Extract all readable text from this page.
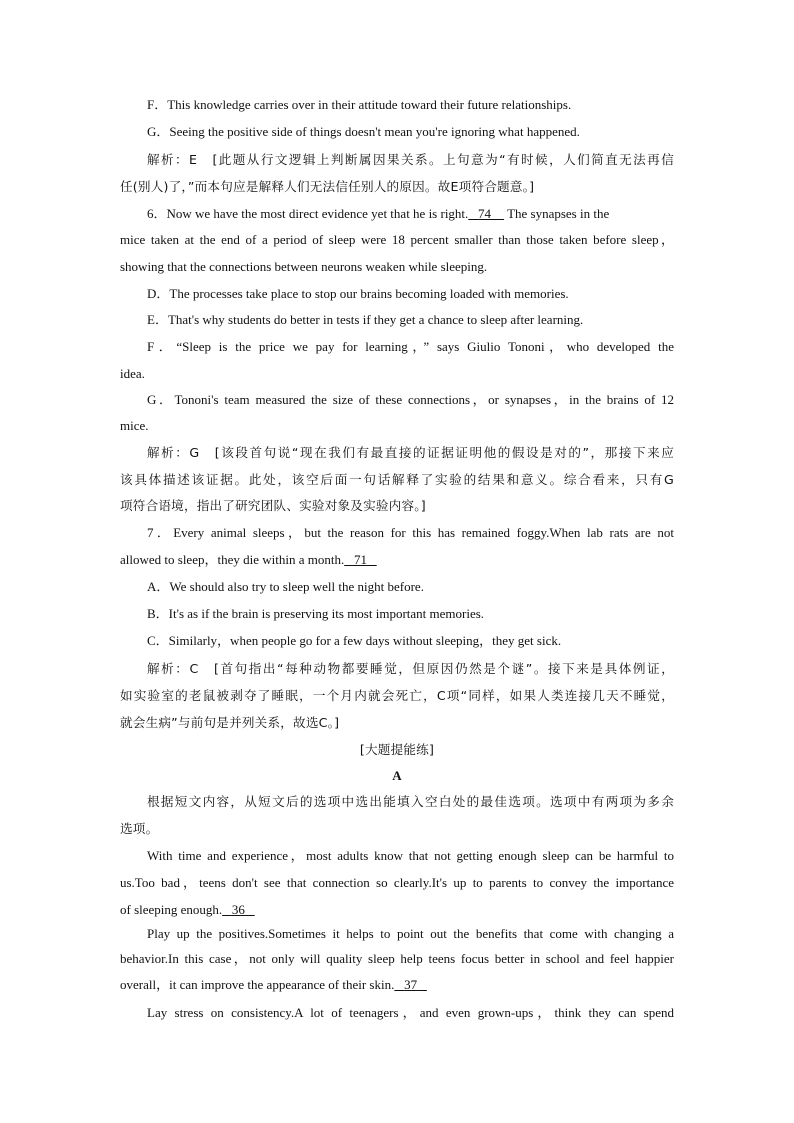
F．This knowledge carries over in their attitude toward their future relationships.
G．Seeing the positive side of things doesn't mean you're ignoring what happened.
解析：E　[此题从行文逻辑上判断属因果关系。上句意为“有时候，人们简直无法再信
任(别人)了，”而本句应是解释人们无法信任别人的原因。故E项符合题意。]
6．Now we have the most direct evidence yet that he is right. 74 The synapses in the
mice taken at the end of a period of sleep were 18 percent smaller than those taken before sleep，
showing that the connections between neurons weaken while sleeping.
D．The processes take place to stop our brains becoming loaded with memories.
E．That's why students do better in tests if they get a chance to sleep after learning.
F．“Sleep is the price we pay for learning，” says Giulio Tononi，who developed the
idea.
G．Tononi's team measured the size of these connections，or synapses，in the brains of 12
mice.
解析：G　[该段首句说“现在我们有最直接的证据证明他的假设是对的”，那接下来应
该具体描述该证据。此处，该空后面一句话解释了实验的结果和意义。综合看来，只有G
项符合语境，指出了研究团队、实验对象及实验内容。]
7．Every animal sleeps，but the reason for this has remained foggy.When lab rats are not
allowed to sleep，they die within a month. 71
A．We should also try to sleep well the night before.
B．It's as if the brain is preserving its most important memories.
C．Similarly，when people go for a few days without sleeping，they get sick.
解析：C　[首句指出“每种动物都要睡觉，但原因仍然是个谜”。接下来是具体例证，
如实验室的老鼠被剥夺了睡眠，一个月内就会死亡，C项“同样，如果人类连接几天不睡觉，
就会生病”与前句是并列关系，故选C。]
[大题提能练]
A
根据短文内容，从短文后的选项中选出能填入空白处的最佳选项。选项中有两项为多余
选项。
With time and experience，most adults know that not getting enough sleep can be harmful to
us.Too bad，teens don't see that connection so clearly.It's up to parents to convey the importance
of sleeping enough. 36
Play up the positives.Sometimes it helps to point out the benefits that come with changing a
behavior.In this case，not only will quality sleep help teens focus better in school and feel happier
overall，it can improve the appearance of their skin. 37
Lay stress on consistency.A lot of teenagers，and even grown-ups，think they can spend
